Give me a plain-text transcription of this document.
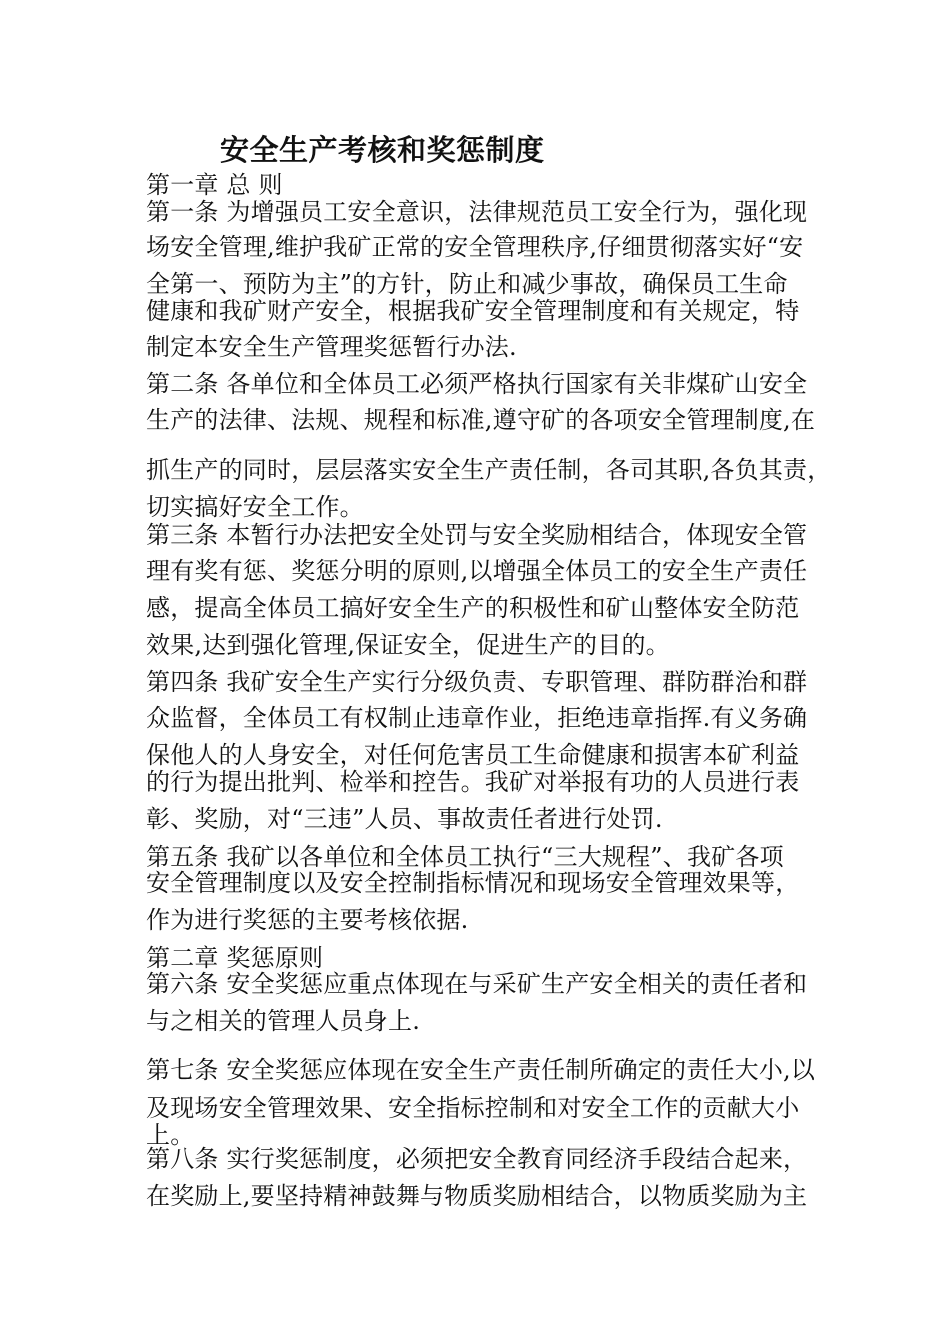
安全生产考核和奖惩制度
第一章 总 则
第一条 为增强员工安全意识，法律规范员工安全行为，强化现
场安全管理,维护我矿正常的安全管理秩序,仔细贯彻落实好“安
全第一、预防为主”的方针，防止和减少事故，确保员工生命
健康和我矿财产安全，根据我矿安全管理制度和有关规定，特
制定本安全生产管理奖惩暂行办法.
第二条 各单位和全体员工必须严格执行国家有关非煤矿山安全
生产的法律、法规、规程和标准,遵守矿的各项安全管理制度,在
抓生产的同时，层层落实安全生产责任制，各司其职,各负其责，
切实搞好安全工作。
第三条 本暂行办法把安全处罚与安全奖励相结合，体现安全管
理有奖有惩、奖惩分明的原则,以增强全体员工的安全生产责任
感，提高全体员工搞好安全生产的积极性和矿山整体安全防范
效果,达到强化管理,保证安全，促进生产的目的。
第四条 我矿安全生产实行分级负责、专职管理、群防群治和群
众监督，全体员工有权制止违章作业，拒绝违章指挥.有义务确
保他人的人身安全，对任何危害员工生命健康和损害本矿利益
的行为提出批判、检举和控告。我矿对举报有功的人员进行表
彰、奖励，对“三违”人员、事故责任者进行处罚.
第五条 我矿以各单位和全体员工执行“三大规程”、我矿各项
安全管理制度以及安全控制指标情况和现场安全管理效果等，
作为进行奖惩的主要考核依据.
第二章 奖惩原则
第六条 安全奖惩应重点体现在与采矿生产安全相关的责任者和
与之相关的管理人员身上.
第七条 安全奖惩应体现在安全生产责任制所确定的责任大小,以
及现场安全管理效果、安全指标控制和对安全工作的贡献大小
上。
第八条 实行奖惩制度，必须把安全教育同经济手段结合起来，
在奖励上,要坚持精神鼓舞与物质奖励相结合，以物质奖励为主
